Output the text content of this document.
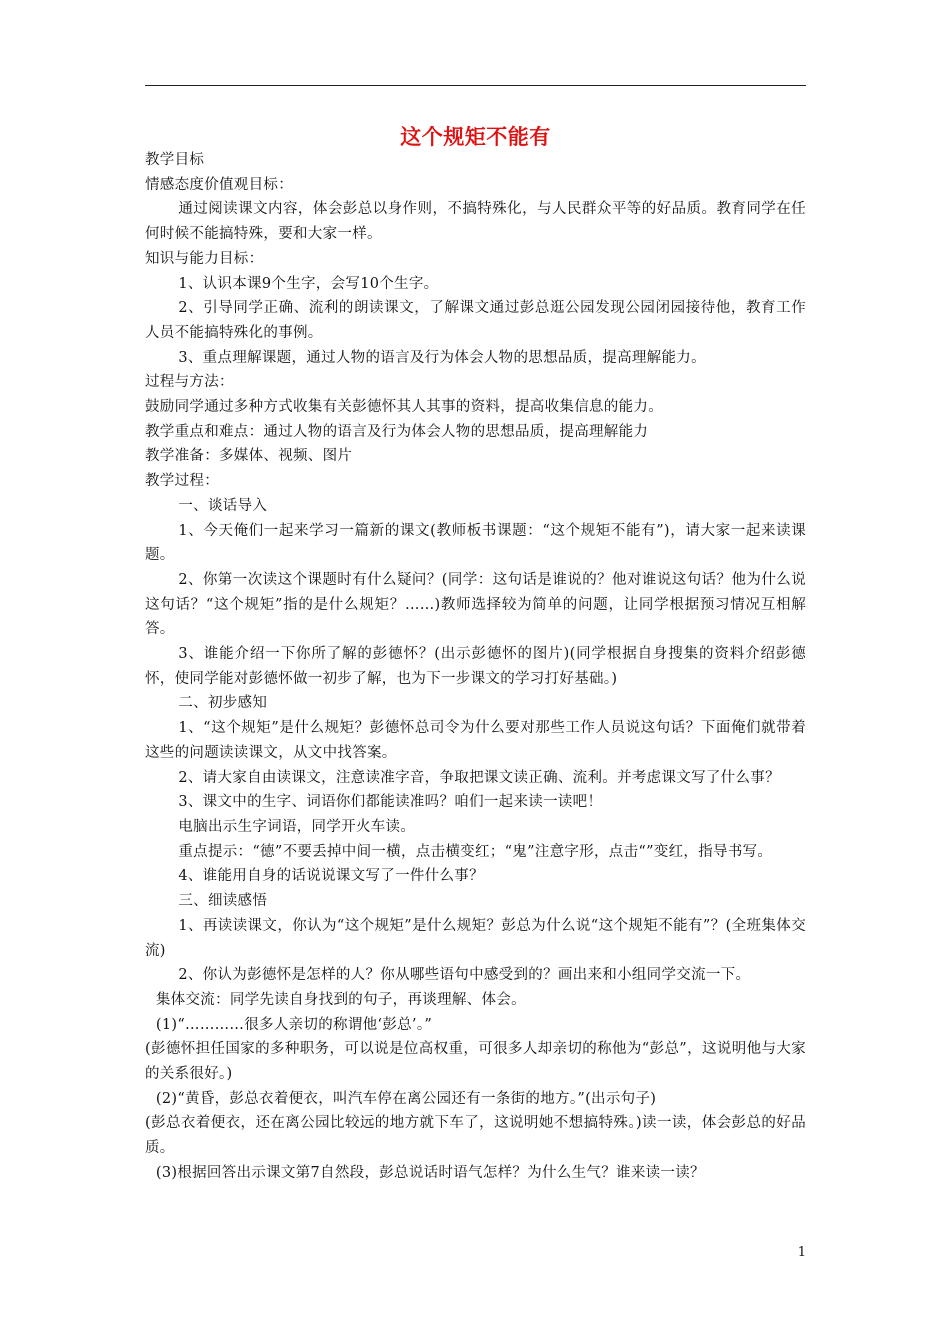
这个规矩不能有

教学目标

情感态度价值观目标：

通过阅读课文内容，体会彭总以身作则，不搞特殊化，与人民群众平等的好品质。教育同学在任何时候不能搞特殊，要和大家一样。

知识与能力目标：

1、认识本课9个生字，会写10个生字。

2、引导同学正确、流利的朗读课文，了解课文通过彭总逛公园发现公园闭园接待他，教育工作人员不能搞特殊化的事例。

3、重点理解课题，通过人物的语言及行为体会人物的思想品质，提高理解能力。

过程与方法：

鼓励同学通过多种方式收集有关彭德怀其人其事的资料，提高收集信息的能力。

教学重点和难点：通过人物的语言及行为体会人物的思想品质，提高理解能力

教学准备：多媒体、视频、图片

教学过程：

一、谈话导入

1、今天俺们一起来学习一篇新的课文(教师板书课题：“这个规矩不能有”)，请大家一起来读课题。

2、你第一次读这个课题时有什么疑问？(同学：这句话是谁说的？他对谁说这句话？他为什么说这句话？“这个规矩”指的是什么规矩？……)教师选择较为简单的问题，让同学根据预习情况互相解答。

3、谁能介绍一下你所了解的彭德怀？(出示彭德怀的图片)(同学根据自身搜集的资料介绍彭德怀，使同学能对彭德怀做一初步了解，也为下一步课文的学习打好基础。)

二、初步感知

1、“这个规矩”是什么规矩？彭德怀总司令为什么要对那些工作人员说这句话？下面俺们就带着这些的问题读读课文，从文中找答案。

2、请大家自由读课文，注意读准字音，争取把课文读正确、流利。并考虑课文写了什么事？

3、课文中的生字、词语你们都能读准吗？咱们一起来读一读吧！

电脑出示生字词语，同学开火车读。

重点提示：“德”不要丢掉中间一横，点击横变红；“鬼”注意字形，点击“”变红，指导书写。

4、谁能用自身的话说说课文写了一件什么事？

三、细读感悟

1、再读读课文，你认为“这个规矩”是什么规矩？彭总为什么说“这个规矩不能有”？(全班集体交流)

2、你认为彭德怀是怎样的人？你从哪些语句中感受到的？画出来和小组同学交流一下。

集体交流：同学先读自身找到的句子，再谈理解、体会。

(1)“…………很多人亲切的称谓他‘彭总’。”

(彭德怀担任国家的多种职务，可以说是位高权重，可很多人却亲切的称他为“彭总”，这说明他与大家的关系很好。)

(2)“黄昏，彭总衣着便衣，叫汽车停在离公园还有一条街的地方。”(出示句子)

(彭总衣着便衣，还在离公园比较远的地方就下车了，这说明她不想搞特殊。)读一读，体会彭总的好品质。

(3)根据回答出示课文第7自然段，彭总说话时语气怎样？为什么生气？谁来读一读？

1
